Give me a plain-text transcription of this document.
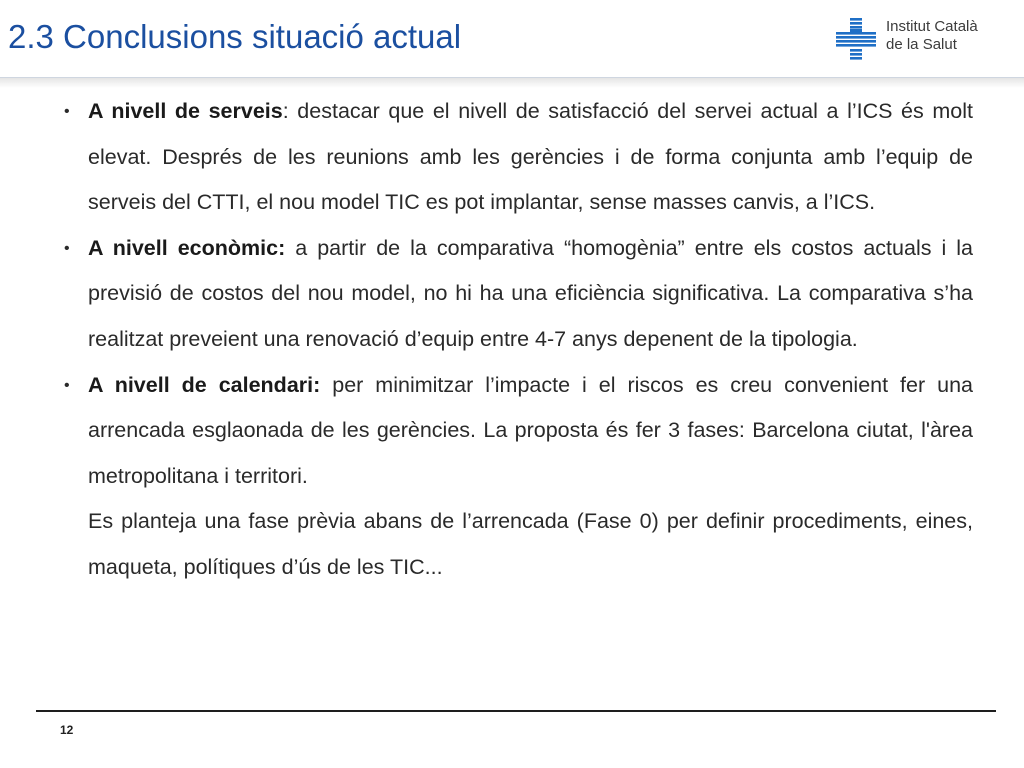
2.3 Conclusions situació actual	Institut Català
de la Salut
• A nivell de serveis: destacar que el nivell de satisfacció del servei actual a l’ICS és molt elevat. Després de les reunions amb les gerències i de forma conjunta amb l’equip de serveis del CTTI, el nou model TIC es pot implantar, sense masses canvis, a l’ICS.
• A nivell econòmic: a partir de la comparativa “homogènia” entre els costos actuals i la previsió de costos del nou model, no hi ha una eficiència significativa. La comparativa s’ha realitzat preveient una renovació d’equip entre 4-7 anys depenent de la tipologia.
• A nivell de calendari: per minimitzar l’impacte i el riscos es creu convenient fer una arrencada esglaonada de les gerències. La proposta és fer 3 fases: Barcelona ciutat, l'àrea metropolitana i territori.
Es planteja una fase prèvia abans de l’arrencada (Fase 0) per definir procediments, eines, maqueta, polítiques d’ús de les TIC...
12
